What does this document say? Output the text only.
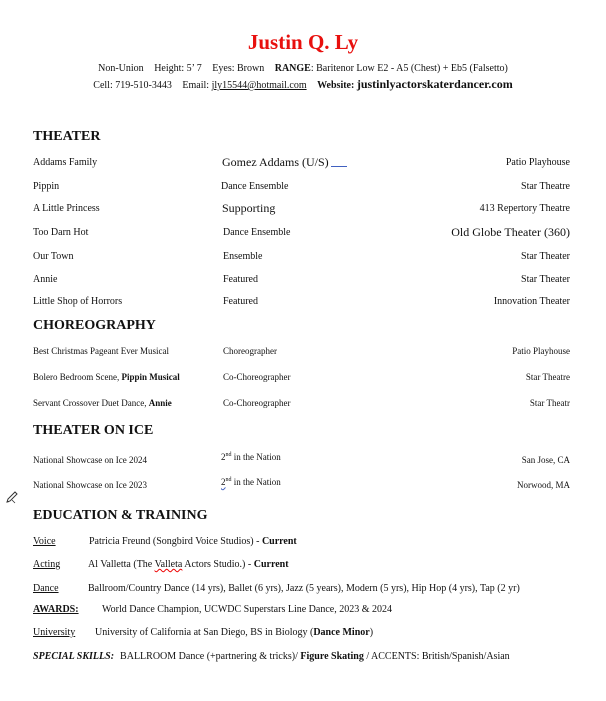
Justin Q. Ly
Non-Union Height: 5’ 7 Eyes: Brown RANGE: Baritenor Low E2 - A5 (Chest) + Eb5 (Falsetto)
Cell: 719-510-3443 Email: jly15544@hotmail.com Website: justinlyactorskaterdancer.com
THEATER
Addams Family	Gomez Addams (U/S)	Patio Playhouse
Pippin	Dance Ensemble	Star Theatre
A Little Princess	Supporting	413 Repertory Theatre
Too Darn Hot	Dance Ensemble	Old Globe Theater (360)
Our Town	Ensemble	Star Theater
Annie	Featured	Star Theater
Little Shop of Horrors	Featured	Innovation Theater
CHOREOGRAPHY
Best Christmas Pageant Ever Musical	Choreographer	Patio Playhouse
Bolero Bedroom Scene, Pippin Musical	Co-Choreographer	Star Theatre
Servant Crossover Duet Dance, Annie	Co-Choreographer	Star Theatr
THEATER ON ICE
National Showcase on Ice 2024	2nd in the Nation	San Jose, CA
National Showcase on Ice 2023	2nd in the Nation	Norwood, MA
EDUCATION & TRAINING
Voice	Patricia Freund (Songbird Voice Studios) - Current
Acting	Al Valletta (The Valleta Actors Studio.) - Current
Dance	Ballroom/Country Dance (14 yrs), Ballet (6 yrs), Jazz (5 years), Modern (5 yrs), Hip Hop (4 yrs), Tap (2 yr)
AWARDS: World Dance Champion, UCWDC Superstars Line Dance, 2023 & 2024
University University of California at San Diego, BS in Biology (Dance Minor)
SPECIAL SKILLS: BALLROOM Dance (+partnering & tricks)/ Figure Skating / ACCENTS: British/Spanish/Asian
